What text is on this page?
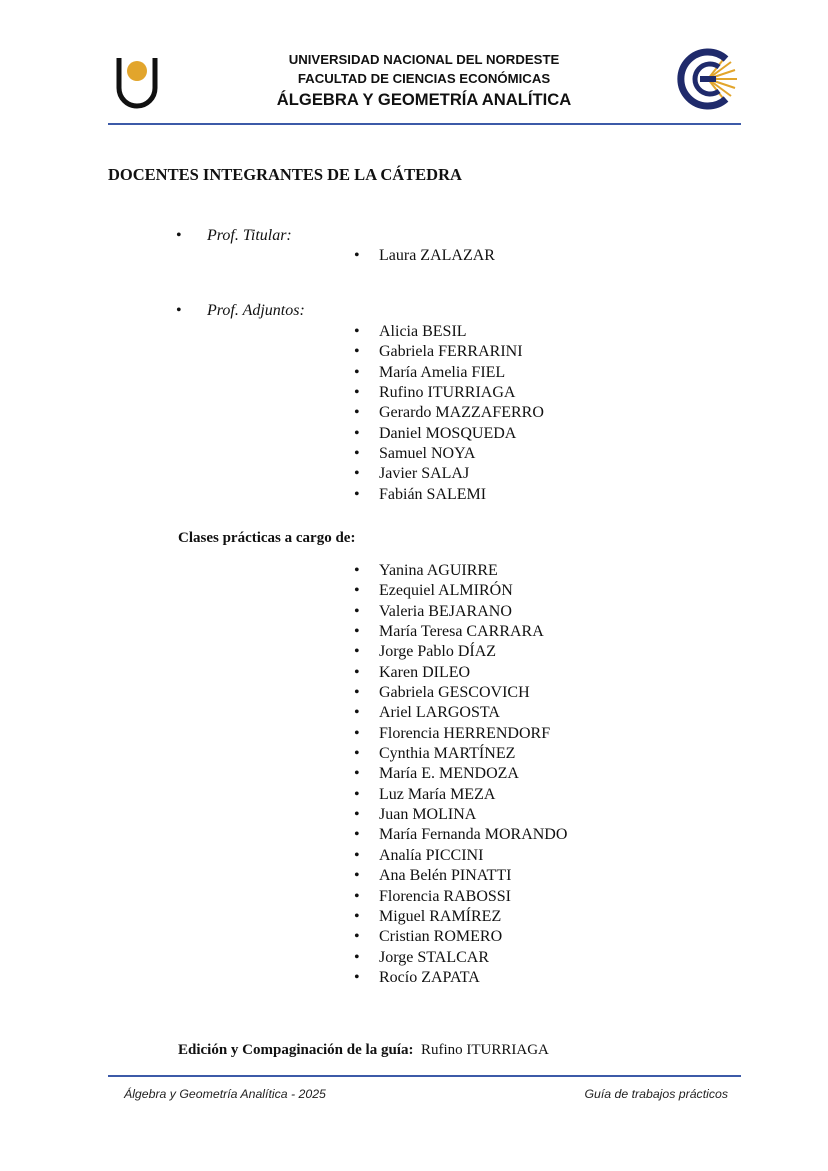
UNIVERSIDAD NACIONAL DEL NORDESTE
FACULTAD DE CIENCIAS ECONÓMICAS
ÁLGEBRA Y GEOMETRÍA ANALÍTICA
DOCENTES INTEGRANTES DE LA CÁTEDRA
• Prof. Titular:
• Laura ZALAZAR
• Prof. Adjuntos:
• Alicia BESIL
• Gabriela FERRARINI
• María Amelia FIEL
• Rufino ITURRIAGA
• Gerardo MAZZAFERRO
• Daniel MOSQUEDA
• Samuel NOYA
• Javier SALAJ
• Fabián SALEMI
Clases prácticas a cargo de:
• Yanina AGUIRRE
• Ezequiel ALMIRÓN
• Valeria BEJARANO
• María Teresa CARRARA
• Jorge Pablo DÍAZ
• Karen DILEO
• Gabriela GESCOVICH
• Ariel LARGOSTA
• Florencia HERRENDORF
• Cynthia MARTÍNEZ
• María E. MENDOZA
• Luz María MEZA
• Juan MOLINA
• María Fernanda MORANDO
• Analía PICCINI
• Ana Belén PINATTI
• Florencia RABOSSI
• Miguel RAMÍREZ
• Cristian ROMERO
• Jorge STALCAR
• Rocío ZAPATA
Edición y Compaginación de la guía: Rufino ITURRIAGA
Álgebra y Geometría Analítica - 2025	Guía de trabajos prácticos
